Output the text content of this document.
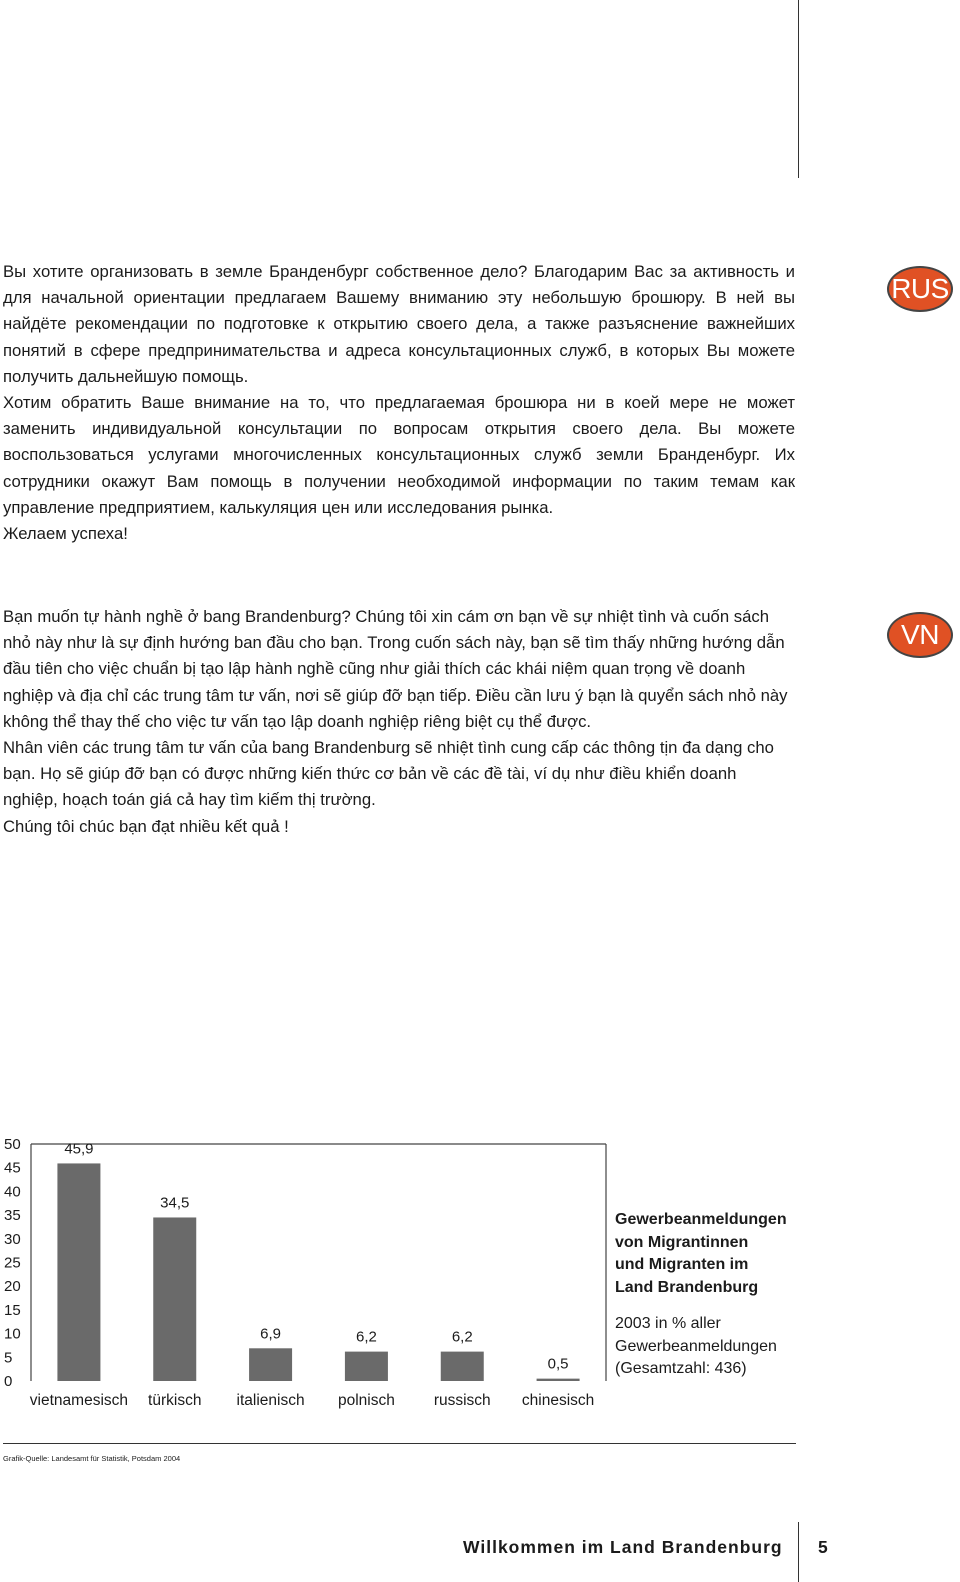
Вы хотите организовать в земле Бранденбург собственное дело? Благодарим Вас за активность и для начальной ориентации предлагаем Вашему вниманию эту небольшую брошюру. В ней вы найдёте рекомендации по подготовке к открытию своего дела, а также разъяснение важнейших понятий в сфере предпринимательства и адреса консультационных служб, в которых Вы можете получить дальнейшую помощь.

Хотим обратить Ваше внимание на то, что предлагаемая брошюра ни в коей мере не может заменить индивидуальной консультации по вопросам открытия своего дела. Вы можете воспользоваться услугами многочисленных консультационных служб земли Бранденбург. Их сотрудники окажут Вам помощь в получении необходимой информации по таким темам как управление предприятием, калькуляция цен или исследования рынка.

Желаем успеха!

RUS

Bạn muốn tự hành nghề ở bang Brandenburg? Chúng tôi xin cám ơn bạn về sự nhiệt tình và cuốn sách nhỏ này như là sự định hướng ban đầu cho bạn. Trong cuốn sách này, bạn sẽ tìm thấy những hướng dẫn đầu tiên cho việc chuẩn bị tạo lập hành nghề cũng như giải thích các khái niệm quan trọng về doanh nghiệp và địa chỉ các trung tâm tư vấn, nơi sẽ giúp đỡ bạn tiếp. Điều cần lưu ý bạn là quyển sách nhỏ này không thể thay thế cho việc tư vấn tạo lập doanh nghiệp riêng biệt cụ thể được.

Nhân viên các trung tâm tư vấn của bang Brandenburg sẽ nhiệt tình cung cấp các thông tịn đa dạng cho bạn. Họ sẽ giúp đỡ bạn có được những kiến thức cơ bản về các đề tài, ví dụ như điều khiển doanh nghiệp, hoạch toán giá cả hay tìm kiếm thị trường.

Chúng tôi chúc bạn đạt nhiều kết quả !

VN
0
5
10
15
20
25
30
35
40
45
50	45,9
vietnamesisch
34,5
türkisch
6,9
italienisch
6,2
polnisch
6,2
russisch
0,5
chinesisch

Gewerbeanmeldungen
von Migrantinnen
und Migranten im
Land Brandenburg

2003 in % aller
Gewerbeanmeldungen
(Gesamtzahl: 436)

Grafik-Quelle: Landesamt für Statistik, Potsdam 2004
Willkommen im Land Brandenburg 5
